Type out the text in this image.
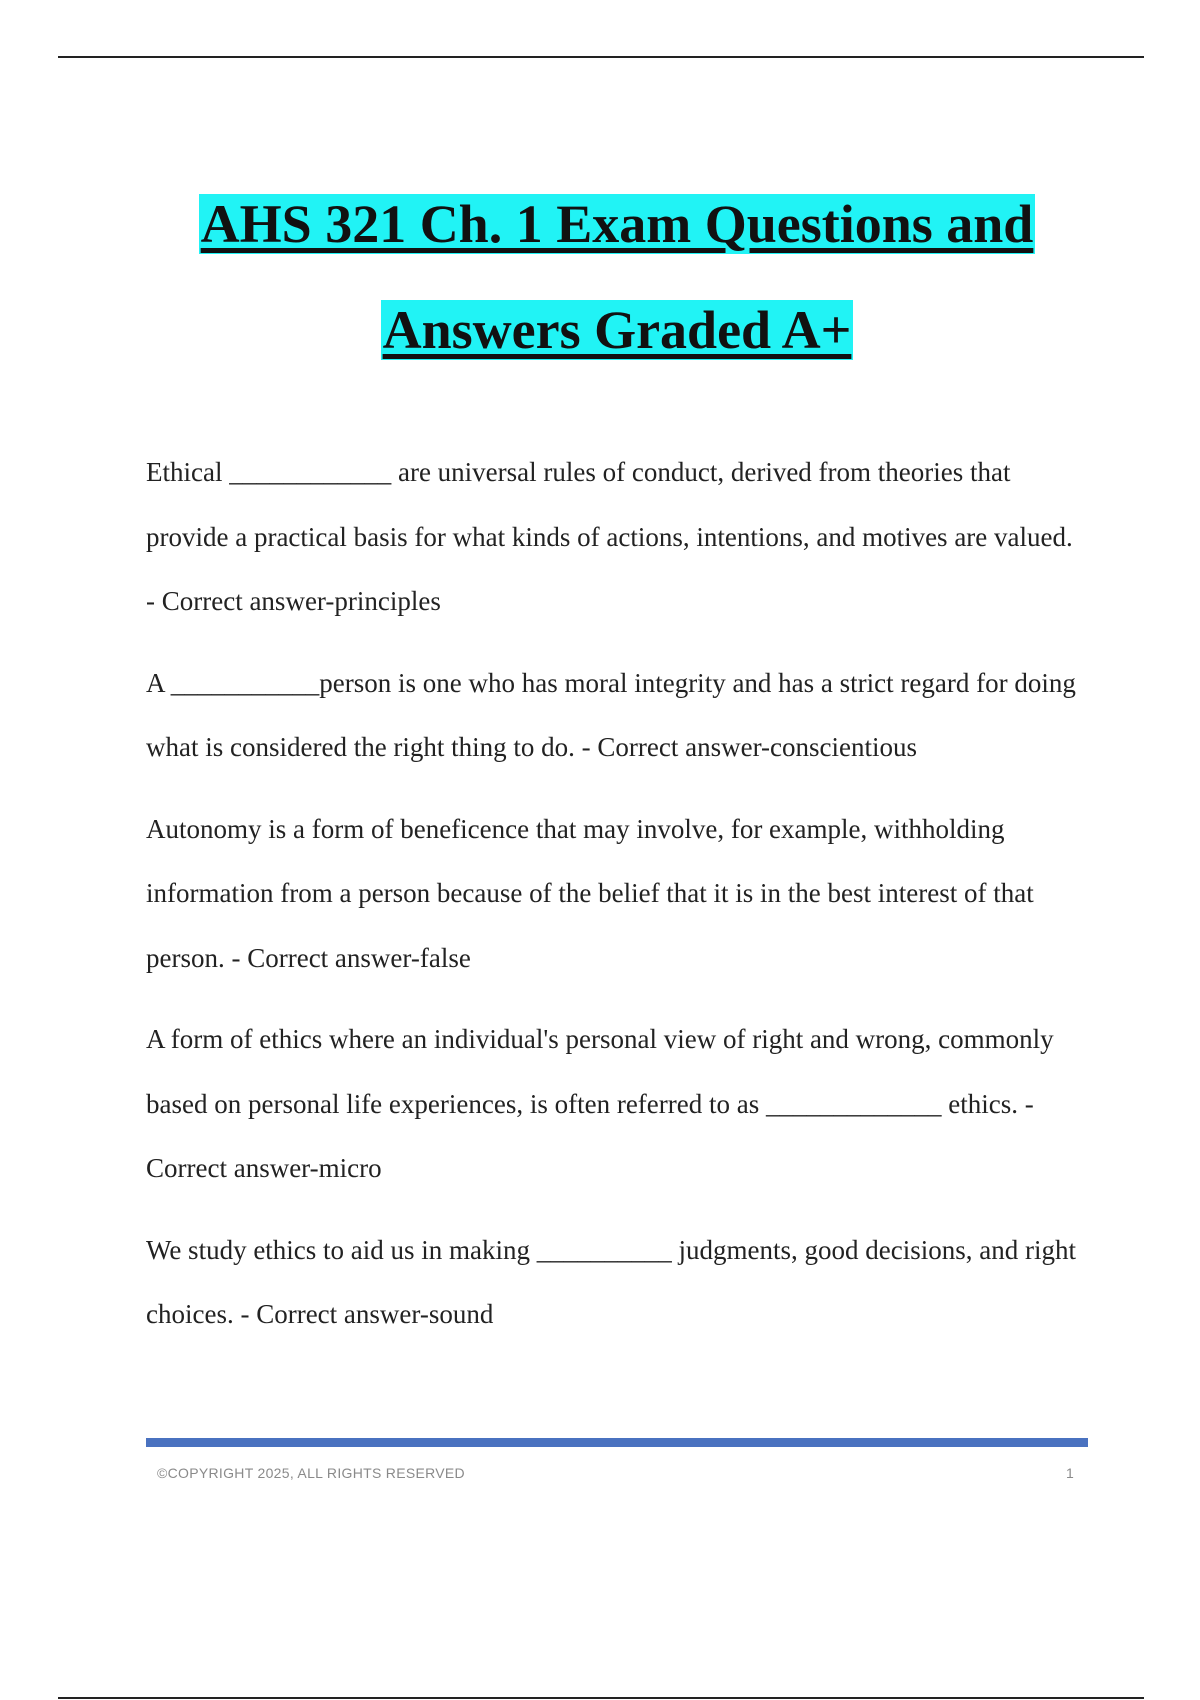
AHS 321 Ch. 1 Exam Questions and
Answers Graded A+

Ethical ____________ are universal rules of conduct, derived from theories that provide a practical basis for what kinds of actions, intentions, and motives are valued. - Correct answer-principles

A ___________person is one who has moral integrity and has a strict regard for doing what is considered the right thing to do. - Correct answer-conscientious

Autonomy is a form of beneficence that may involve, for example, withholding information from a person because of the belief that it is in the best interest of that person. - Correct answer-false

A form of ethics where an individual's personal view of right and wrong, commonly based on personal life experiences, is often referred to as _____________ ethics. - Correct answer-micro

We study ethics to aid us in making __________ judgments, good decisions, and right choices. - Correct answer-sound

©COPYRIGHT 2025, ALL RIGHTS RESERVED	1
